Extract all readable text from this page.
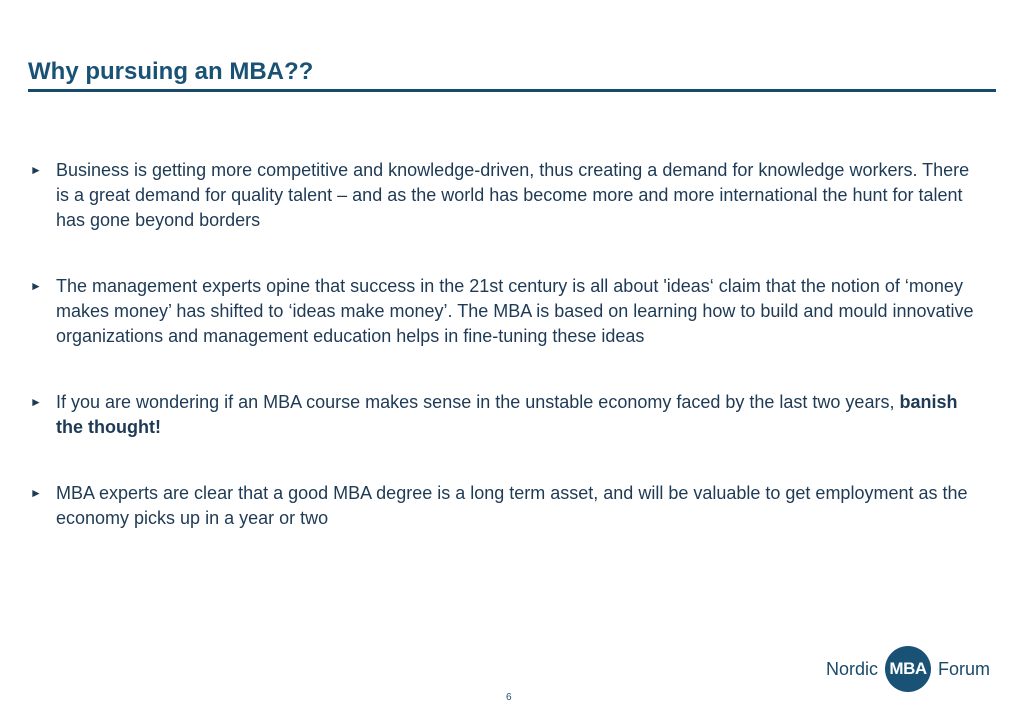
Why pursuing an MBA??
► Business is getting more competitive and knowledge-driven, thus creating a demand for knowledge workers. There is a great demand for quality talent – and as the world has become more and more international the hunt for talent has gone beyond borders
► The management experts opine that success in the 21st century is all about 'ideas‘ claim that the notion of ‘money makes money’ has shifted to ‘ideas make money’. The MBA is based on learning how to build and mould innovative organizations and management education helps in fine-tuning these ideas
► If you are wondering if an MBA course makes sense in the unstable economy faced by the last two years, banish the thought!
► MBA experts are clear that a good MBA degree is a long term asset, and will be valuable to get employment as the economy picks up in a year or two
Nordic MBA Forum
6
